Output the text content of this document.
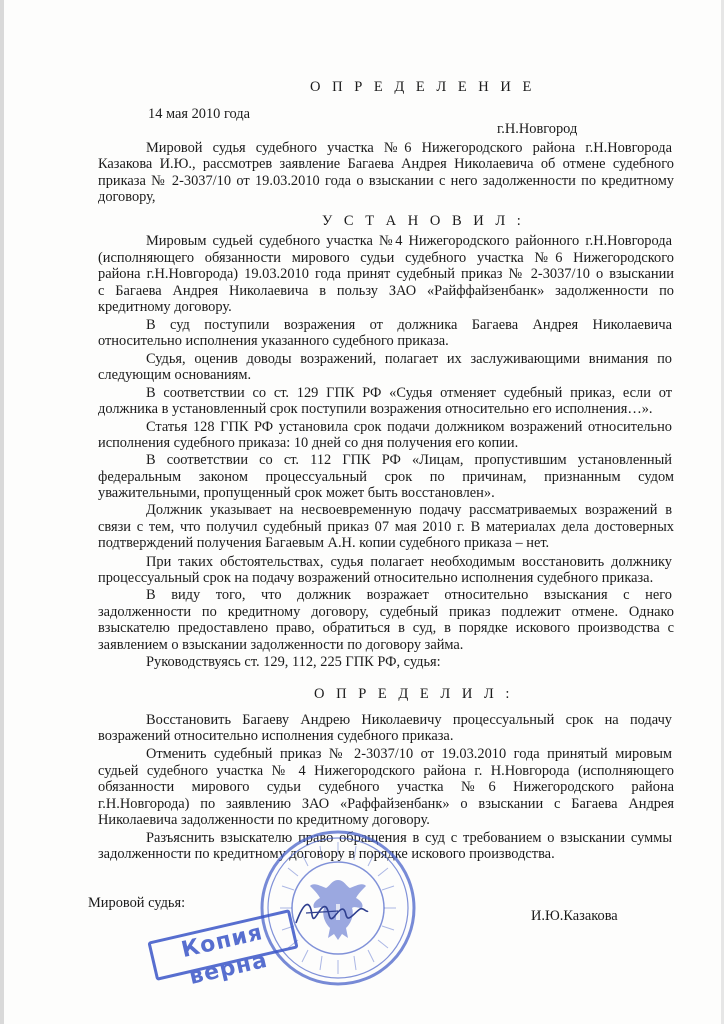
О П Р Е Д Е Л Е Н И Е
14 мая 2010 года
г.Н.Новгород
Мировой судья судебного участка №6 Нижегородского района г.Н.Новгорода
Казакова И.Ю., рассмотрев заявление Багаева Андрея Николаевича об отмене судебного
приказа № 2-3037/10 от 19.03.2010 года о взыскании с него задолженности по кредитному
договору,
У С Т А Н О В И Л :
Мировым судьей судебного участка №4 Нижегородского районного г.Н.Новгорода
(исполняющего обязанности мирового судьи судебного участка №6 Нижегородского
района г.Н.Новгорода) 19.03.2010 года принят судебный приказ № 2-3037/10 о взыскании
с Багаева Андрея Николаевича в пользу ЗАО «Райффайзенбанк» задолженности по
кредитному договору.
В суд поступили возражения от должника Багаева Андрея Николаевича
относительно исполнения указанного судебного приказа.
Судья, оценив доводы возражений, полагает их заслуживающими внимания по
следующим основаниям.
В соответствии со ст. 129 ГПК РФ «Судья отменяет судебный приказ, если от
должника в установленный срок поступили возражения относительно его исполнения…».
Статья 128 ГПК РФ установила срок подачи должником возражений относительно
исполнения судебного приказа: 10 дней со дня получения его копии.
В соответствии со ст. 112 ГПК РФ «Лицам, пропустившим установленный
федеральным законом процессуальный срок по причинам, признанным судом
уважительными, пропущенный срок может быть восстановлен».
Должник указывает на несвоевременную подачу рассматриваемых возражений в
связи с тем, что получил судебный приказ 07 мая 2010 г. В материалах дела достоверных
подтверждений получения Багаевым А.Н. копии судебного приказа – нет.
При таких обстоятельствах, судья полагает необходимым восстановить должнику
процессуальный срок на подачу возражений относительно исполнения судебного приказа.
В виду того, что должник возражает относительно взыскания с него
задолженности по кредитному договору, судебный приказ подлежит отмене. Однако
взыскателю предоставлено право, обратиться в суд, в порядке искового производства с
заявлением о взыскании задолженности по договору займа.
Руководствуясь ст. 129, 112, 225 ГПК РФ, судья:
О П Р Е Д Е Л И Л :
Восстановить Багаеву Андрею Николаевичу процессуальный срок на подачу
возражений относительно исполнения судебного приказа.
Отменить судебный приказ № 2-3037/10 от 19.03.2010 года принятый мировым
судьей судебного участка № 4 Нижегородского района г. Н.Новгорода (исполняющего
обязанности мирового судьи судебного участка №6 Нижегородского района
г.Н.Новгорода) по заявлению ЗАО «Раффайзенбанк» о взыскании с Багаева Андрея
Николаевича задолженности по кредитному договору.
Разъяснить взыскателю право обращения в суд с требованием о взыскании суммы
задолженности по кредитному договору в порядке искового производства.
Мировой судья:
И.Ю.Казакова
Копия верна
